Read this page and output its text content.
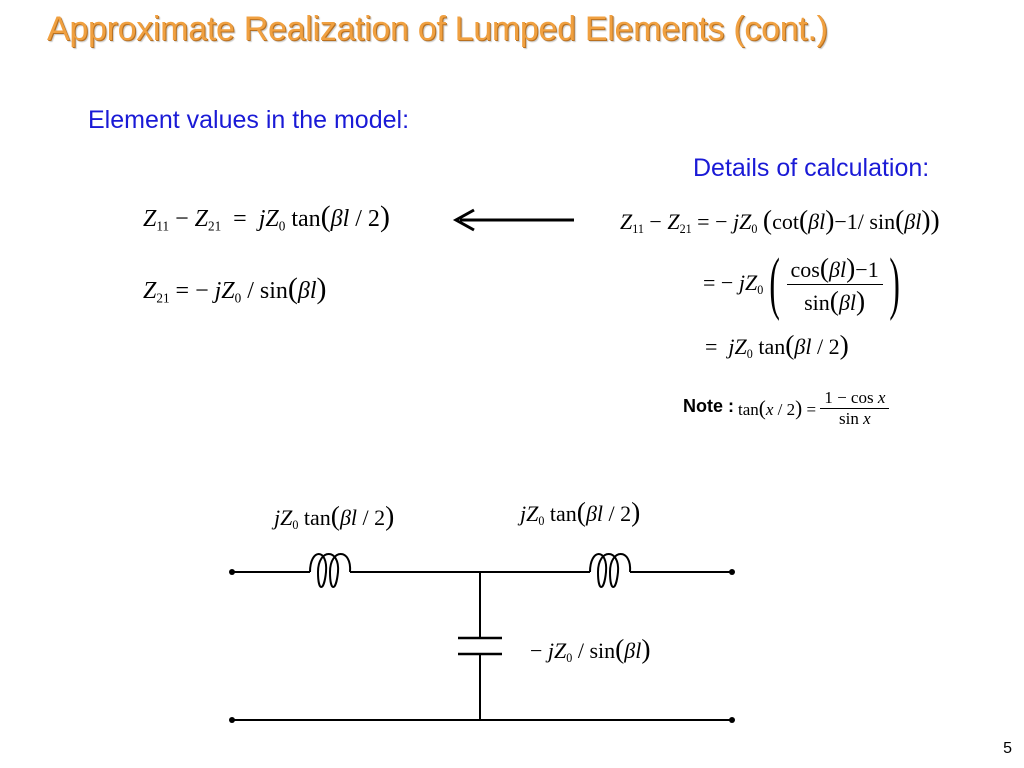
Approximate Realization of Lumped Elements (cont.)
Element values in the model:
Details of calculation:
$Z_{11} - Z_{21} = jZ_0$ tan(βl / 2)
$Z_{21}$ = − $jZ_0 / \sin(\beta l)$
$Z_{11} - Z_{21}$ = − $jZ_0$ (cot(βl)−1/ sin(βl))
= − $jZ_0( \frac{\cos(\beta l)-1}{\sin(\beta l)}$ )
=  $jZ_0$ tan(βl / 2)
Note : $\tan(x / 2) = \frac{\text{1 − cos x}}{\text{sin x}}$
$jZ_0$ tan(βl / 2)	$jZ_0$ tan(βl / 2)
− $jZ_0 / \sin(\beta l)$
5
